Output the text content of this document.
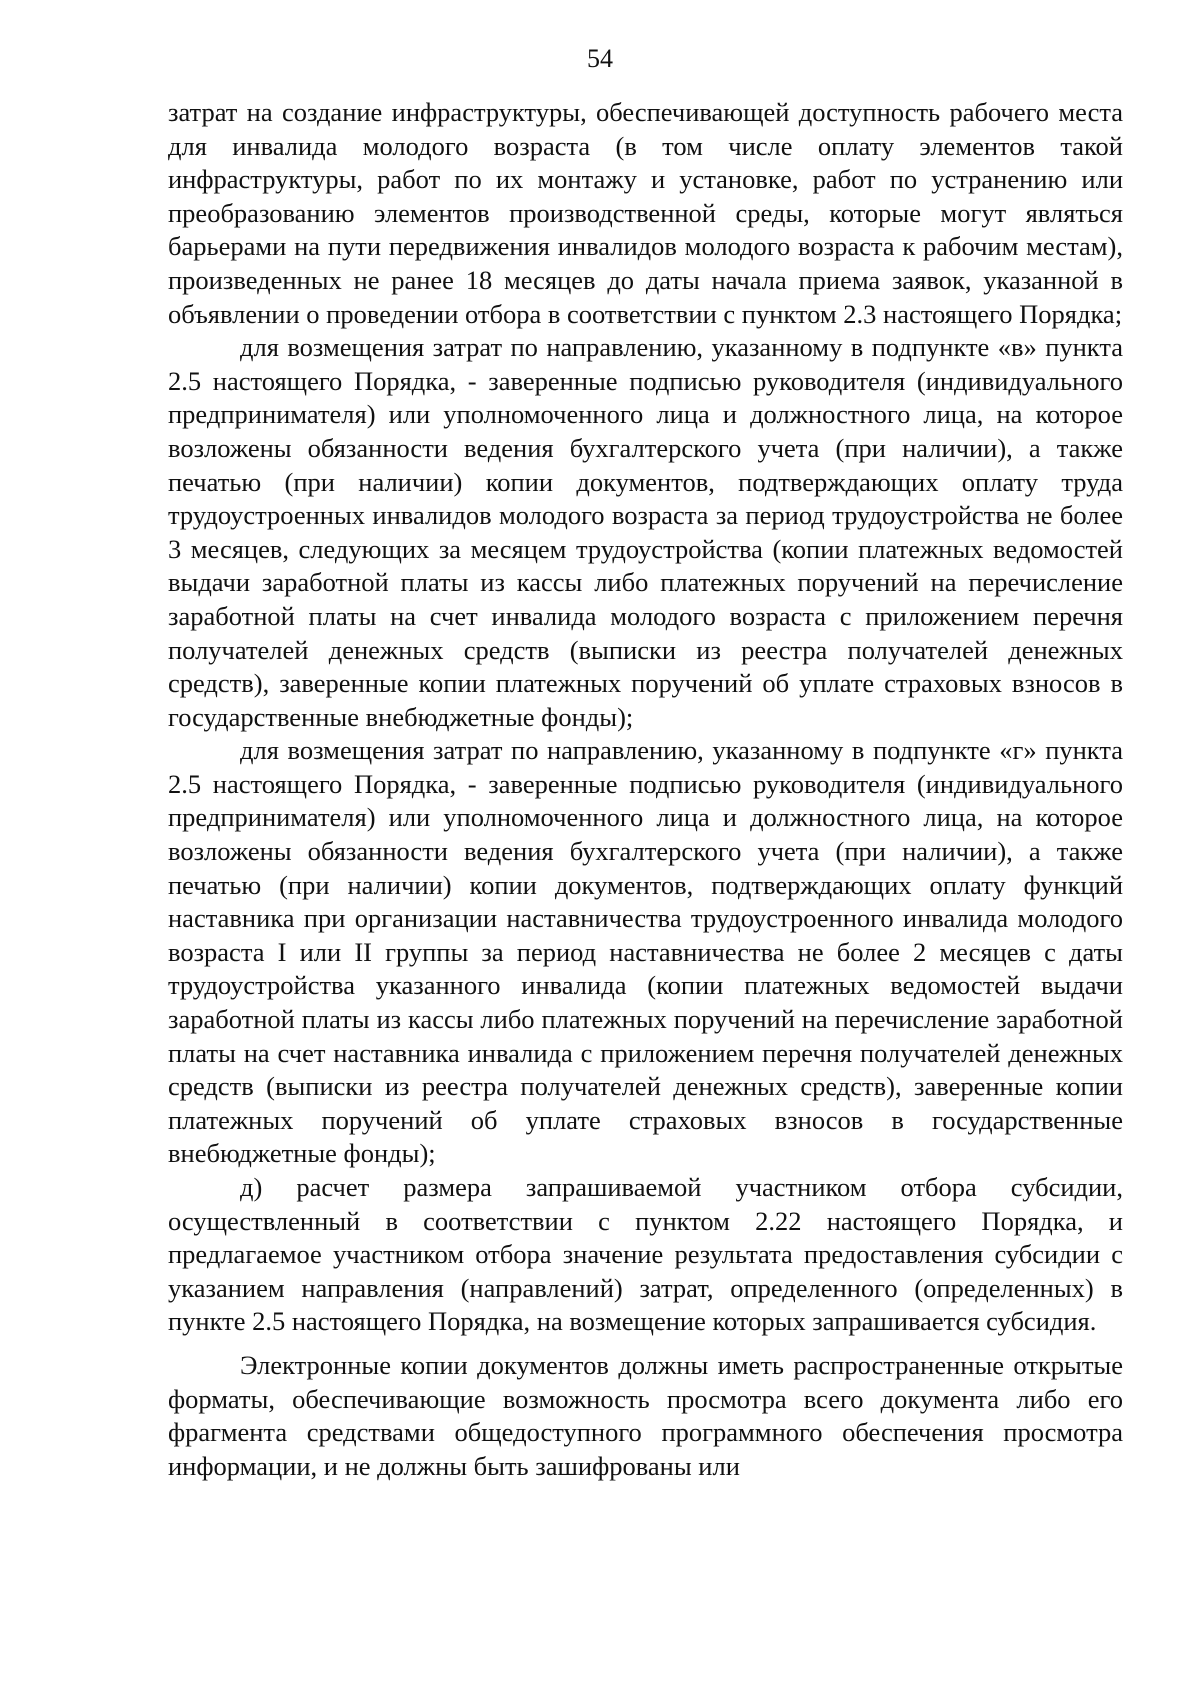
54

затрат на создание инфраструктуры, обеспечивающей доступность рабочего места для инвалида молодого возраста (в том числе оплату элементов такой инфраструктуры, работ по их монтажу и установке, работ по устранению или преобразованию элементов производственной среды, которые могут являться барьерами на пути передвижения инвалидов молодого возраста к рабочим местам), произведенных не ранее 18 месяцев до даты начала приема заявок, указанной в объявлении о проведении отбора в соответствии с пунктом 2.3 настоящего Порядка;

для возмещения затрат по направлению, указанному в подпункте «в» пункта 2.5 настоящего Порядка, - заверенные подписью руководителя (индивидуального предпринимателя) или уполномоченного лица и должностного лица, на которое возложены обязанности ведения бухгалтерского учета (при наличии), а также печатью (при наличии) копии документов, подтверждающих оплату труда трудоустроенных инвалидов молодого возраста за период трудоустройства не более 3 месяцев, следующих за месяцем трудоустройства (копии платежных ведомостей выдачи заработной платы из кассы либо платежных поручений на перечисление заработной платы на счет инвалида молодого возраста с приложением перечня получателей денежных средств (выписки из реестра получателей денежных средств), заверенные копии платежных поручений об уплате страховых взносов в государственные внебюджетные фонды);

для возмещения затрат по направлению, указанному в подпункте «г» пункта 2.5 настоящего Порядка, - заверенные подписью руководителя (индивидуального предпринимателя) или уполномоченного лица и должностного лица, на которое возложены обязанности ведения бухгалтерского учета (при наличии), а также печатью (при наличии) копии документов, подтверждающих оплату функций наставника при организации наставничества трудоустроенного инвалида молодого возраста I или II группы за период наставничества не более 2 месяцев с даты трудоустройства указанного инвалида (копии платежных ведомостей выдачи заработной платы из кассы либо платежных поручений на перечисление заработной платы на счет наставника инвалида с приложением перечня получателей денежных средств (выписки из реестра получателей денежных средств), заверенные копии платежных поручений об уплате страховых взносов в государственные внебюджетные фонды);

д) расчет размера запрашиваемой участником отбора субсидии, осуществленный в соответствии с пунктом 2.22 настоящего Порядка, и предлагаемое участником отбора значение результата предоставления субсидии с указанием направления (направлений) затрат, определенного (определенных) в пункте 2.5 настоящего Порядка, на возмещение которых запрашивается субсидия.

Электронные копии документов должны иметь распространенные открытые форматы, обеспечивающие возможность просмотра всего документа либо его фрагмента средствами общедоступного программного обеспечения просмотра информации, и не должны быть зашифрованы или
